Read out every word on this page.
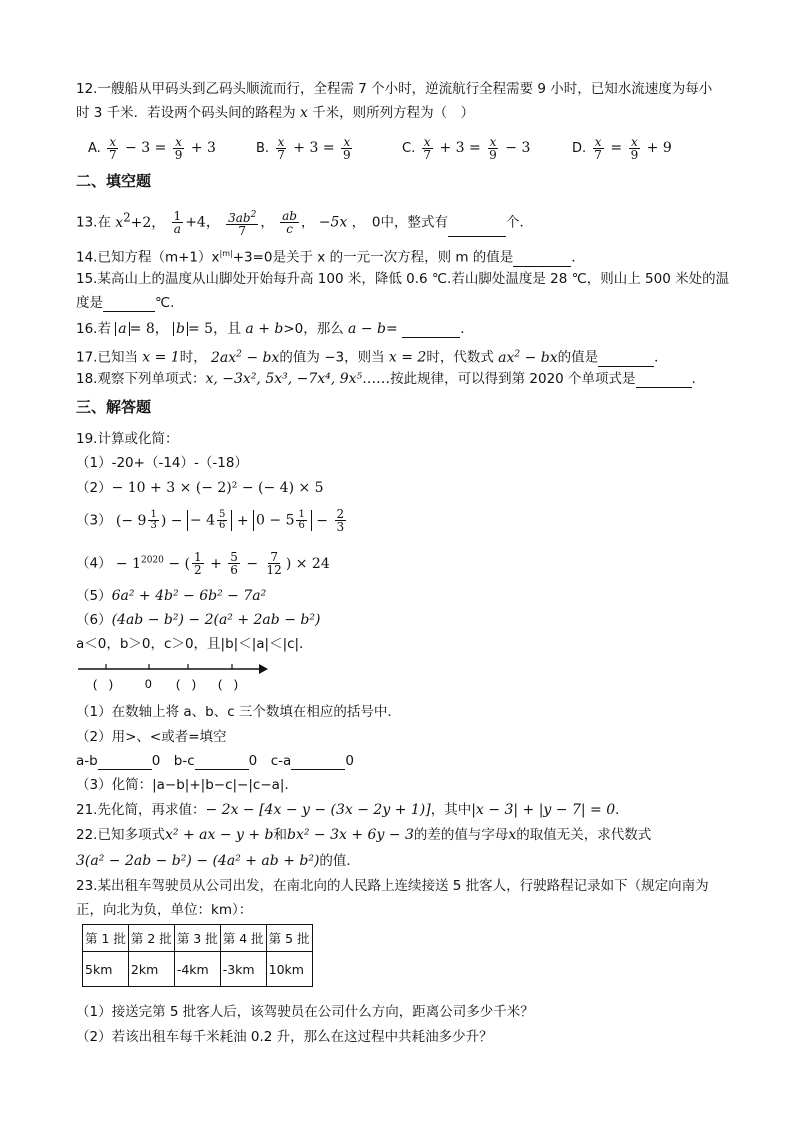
12.一艘船从甲码头到乙码头顺流而行，全程需 7 个小时，逆流航行全程需要 9 小时，已知水流速度为每小
时 3 千米．若设两个码头间的路程为 x 千米，则所列方程为（　）
A. $\frac{x}{7} - 3 = \frac{x}{9} + 3$	B. $\frac{x}{7} + 3 = \frac{x}{9}$	C. $\frac{x}{7} + 3 = \frac{x}{9} - 3$	D. $\frac{x}{7} = \frac{x}{9} + 9$
二、填空题
13.在 $x^2+2$， $\frac{1}{a} +4$， $\frac{3ab^2}{7}$ ， $\frac{ab}{c}$ ， −5x ，　0中，整式有	个．
14.已知方程$(m+1)x^{|m|}+3=0$是关于 x 的一元一次方程，则 m 的值是	．
15.某高山上的温度从山脚处开始每升高 100 米，降低 0.6 ℃.若山脚处温度是 28 ℃，则山上 500 米处的温
度是	℃.
16.若 a = 8， b = 5，且 a + b>0，那么 a − b=	．
17.已知当 x = 1时， $2ax^2$ − bx的值为 −3，则当 x = 2时，代数式 $ax^2$ − bx的值是	．
18.观察下列单项式：x, −3x², 5x³, −7x⁴, 9x⁵……按此规律，可以得到第 2020 个单项式是	．
三、解答题
19.计算或化简：
（1）-20+（-14）-（-18）
（2）− 10 + 3 × (− 2)² − (− 4) × 5
（3） (− $9 \frac{1}{3}$ ) − − $4 \frac{5}{6} + 0 - 5 \frac{1}{6} - \frac{2}{3}$
$(4) - 1^{2020}$ − ( $\frac{1}{2} + \frac{5}{6} - \frac{7}{12}$ ) × 24
（5）6a² + 4b² − 6b² − 7a²
（6）(4ab − b²) − 2(a² + 2ab − b²)
a＜0，b＞0，c＞0，且|b|＜|a|＜|c|．
(　)	0 (　) (　)
（1）在数轴上将 a、b、c 三个数填在相应的括号中．
（2）用>、<或者=填空
a-b	0　b-c	0　c-a	0
（3）化简：|a−b|+|b−c|−|c−a|．
21.先化简，再求值：− 2x − [4x − y − (3x − 2y + 1)]，其中|x − 3| + |y − 7| = 0．
22.已知多项式x² + ax − y + b和bx² − 3x + 6y − 3的差的值与字母x的取值无关，求代数式
3(a² − 2ab − b²) − (4a² + ab + b²)的值．
23.某出租车驾驶员从公司出发，在南北向的人民路上连续接送 5 批客人，行驶路程记录如下（规定向南为
正，向北为负，单位：km）：
第 1 批	第 2 批	第 3 批	第 4 批	第 5 批
5km	2km	-4km	-3km	10km
（1）接送完第 5 批客人后，该驾驶员在公司什么方向，距离公司多少千米？
（2）若该出租车每千米耗油 0.2 升，那么在这过程中共耗油多少升？
